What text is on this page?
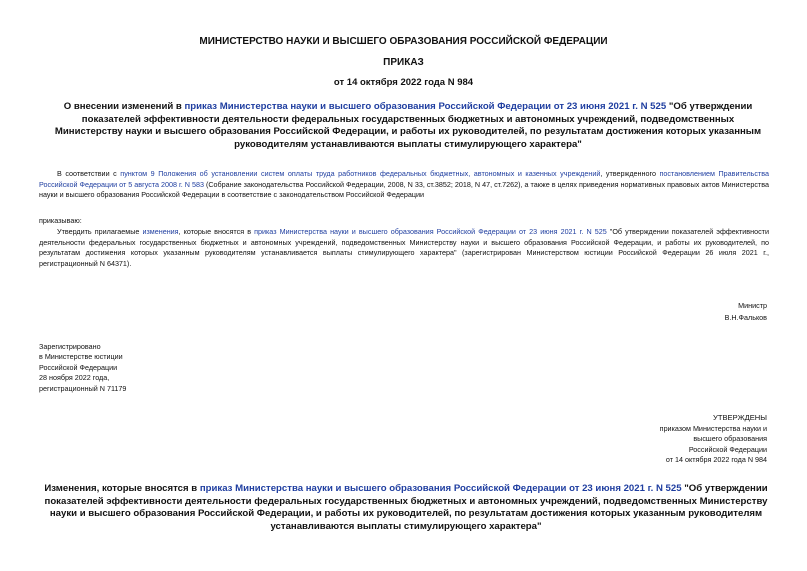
МИНИСТЕРСТВО НАУКИ И ВЫСШЕГО ОБРАЗОВАНИЯ РОССИЙСКОЙ ФЕДЕРАЦИИ
ПРИКАЗ
от 14 октября 2022 года N 984
О внесении изменений в приказ Министерства науки и высшего образования Российской Федерации от 23 июня 2021 г. N 525 "Об утверждении показателей эффективности деятельности федеральных государственных бюджетных и автономных учреждений, подведомственных Министерству науки и высшего образования Российской Федерации, и работы их руководителей, по результатам достижения которых указанным руководителям устанавливаются выплаты стимулирующего характера"
В соответствии с пунктом 9 Положения об установлении систем оплаты труда работников федеральных бюджетных, автономных и казенных учреждений, утвержденного постановлением Правительства Российской Федерации от 5 августа 2008 г. N 583 (Собрание законодательства Российской Федерации, 2008, N 33, ст.3852; 2018, N 47, ст.7262), а также в целях приведения нормативных правовых актов Министерства науки и высшего образования Российской Федерации в соответствие с законодательством Российской Федерации
приказываю:
Утвердить прилагаемые изменения, которые вносятся в приказ Министерства науки и высшего образования Российской Федерации от 23 июня 2021 г. N 525 "Об утверждении показателей эффективности деятельности федеральных государственных бюджетных и автономных учреждений, подведомственных Министерству науки и высшего образования Российской Федерации, и работы их руководителей, по результатам достижения которых указанным руководителям устанавливается выплаты стимулирующего характера" (зарегистрирован Министерством юстиции Российской Федерации 26 июля 2021 г., регистрационный N 64371).
Министр
В.Н.Фальков
Зарегистрировано
в Министерстве юстиции
Российской Федерации
28 ноября 2022 года,
регистрационный N 71179
УТВЕРЖДЕНЫ
приказом Министерства науки и
высшего образования
Российской Федерации
от 14 октября 2022 года N 984
Изменения, которые вносятся в приказ Министерства науки и высшего образования Российской Федерации от 23 июня 2021 г. N 525 "Об утверждении показателей эффективности деятельности федеральных государственных бюджетных и автономных учреждений, подведомственных Министерству науки и высшего образования Российской Федерации, и работы их руководителей, по результатам достижения которых указанным руководителям устанавливаются выплаты стимулирующего характера"
